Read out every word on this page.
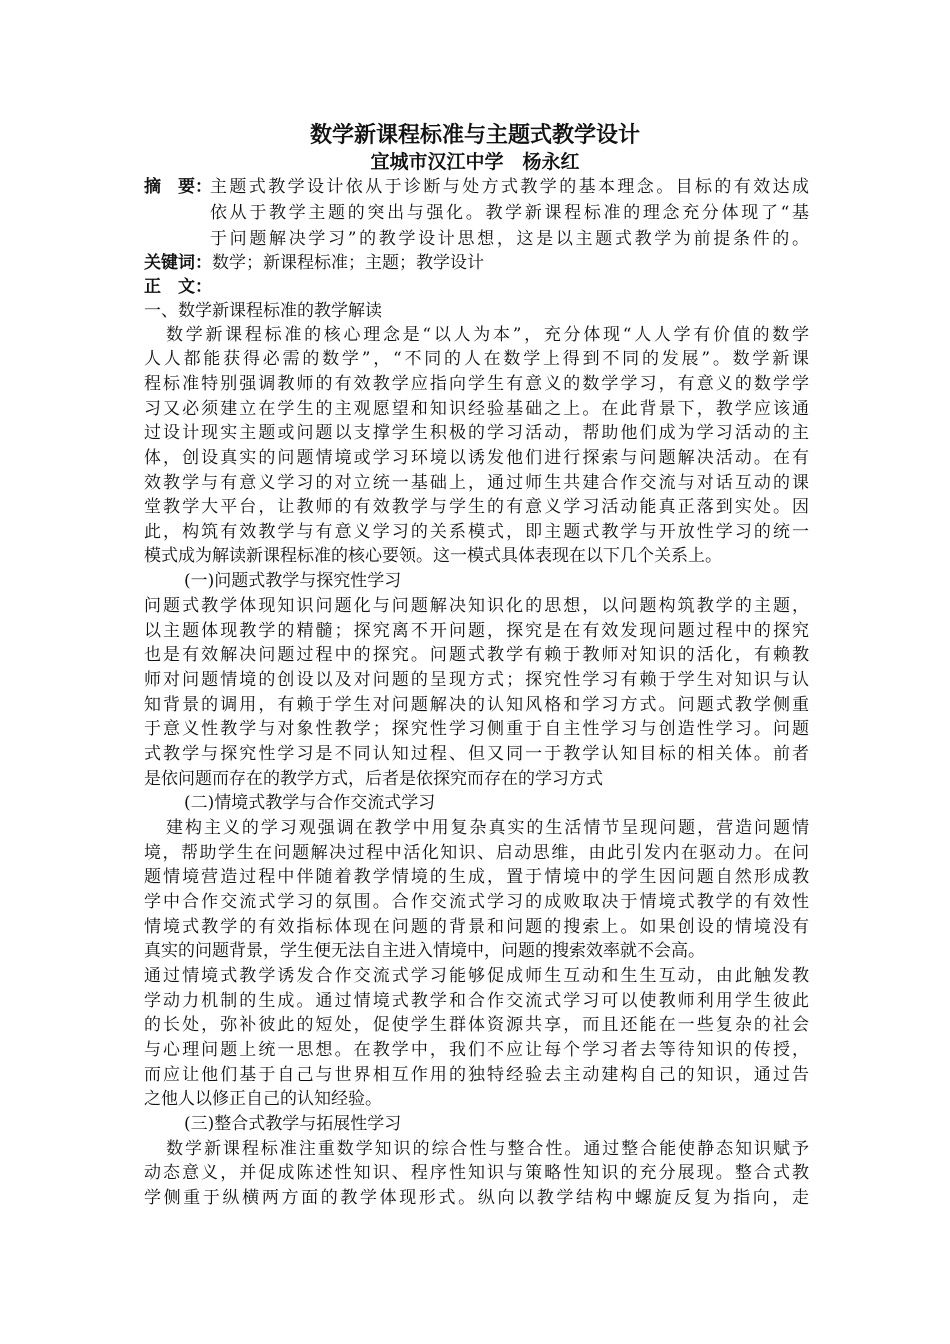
数学新课程标准与主题式教学设计
宜城市汉江中学　杨永红
摘　要：
主题式教学设计依从于诊断与处方式教学的基本理念。目标的有效达成
依从于教学主题的突出与强化。教学新课程标准的理念充分体现了“基
于问题解决学习”的教学设计思想，这是以主题式教学为前提条件的。
关键词：数学；新课程标准；主题；教学设计
正　文：
一、数学新课程标准的教学解读
数学新课程标准的核心理念是“以人为本”，充分体现“人人学有价值的数学
人人都能获得必需的数学”，“不同的人在数学上得到不同的发展”。数学新课
程标准特别强调教师的有效教学应指向学生有意义的数学学习，有意义的数学学
习又必须建立在学生的主观愿望和知识经验基础之上。在此背景下，教学应该通
过设计现实主题或问题以支撑学生积极的学习活动，帮助他们成为学习活动的主
体，创设真实的问题情境或学习环境以诱发他们进行探索与问题解决活动。在有
效教学与有意义学习的对立统一基础上，通过师生共建合作交流与对话互动的课
堂教学大平台，让教师的有效教学与学生的有意义学习活动能真正落到实处。因
此，构筑有效教学与有意义学习的关系模式，即主题式教学与开放性学习的统一
模式成为解读新课程标准的核心要领。这一模式具体表现在以下几个关系上。
(一)问题式教学与探究性学习
问题式教学体现知识问题化与问题解决知识化的思想，以问题构筑教学的主题，
以主题体现教学的精髓；探究离不开问题，探究是在有效发现问题过程中的探究
也是有效解决问题过程中的探究。问题式教学有赖于教师对知识的活化，有赖教
师对问题情境的创设以及对问题的呈现方式；探究性学习有赖于学生对知识与认
知背景的调用，有赖于学生对问题解决的认知风格和学习方式。问题式教学侧重
于意义性教学与对象性教学；探究性学习侧重于自主性学习与创造性学习。问题
式教学与探究性学习是不同认知过程、但又同一于教学认知目标的相关体。前者
是依问题而存在的教学方式，后者是依探究而存在的学习方式
(二)情境式教学与合作交流式学习
建构主义的学习观强调在教学中用复杂真实的生活情节呈现问题，营造问题情
境，帮助学生在问题解决过程中活化知识、启动思维，由此引发内在驱动力。在问
题情境营造过程中伴随着教学情境的生成，置于情境中的学生因问题自然形成教
学中合作交流式学习的氛围。合作交流式学习的成败取决于情境式教学的有效性
情境式教学的有效指标体现在问题的背景和问题的搜索上。如果创设的情境没有
真实的问题背景，学生便无法自主进入情境中，问题的搜索效率就不会高。
通过情境式教学诱发合作交流式学习能够促成师生互动和生生互动，由此触发教
学动力机制的生成。通过情境式教学和合作交流式学习可以使教师利用学生彼此
的长处，弥补彼此的短处，促使学生群体资源共享，而且还能在一些复杂的社会
与心理问题上统一思想。在教学中，我们不应让每个学习者去等待知识的传授，
而应让他们基于自己与世界相互作用的独特经验去主动建构自己的知识，通过告
之他人以修正自己的认知经验。
(三)整合式教学与拓展性学习
数学新课程标准注重数学知识的综合性与整合性。通过整合能使静态知识赋予
动态意义，并促成陈述性知识、程序性知识与策略性知识的充分展现。整合式教
学侧重于纵横两方面的教学体现形式。纵向以教学结构中螺旋反复为指向，走
